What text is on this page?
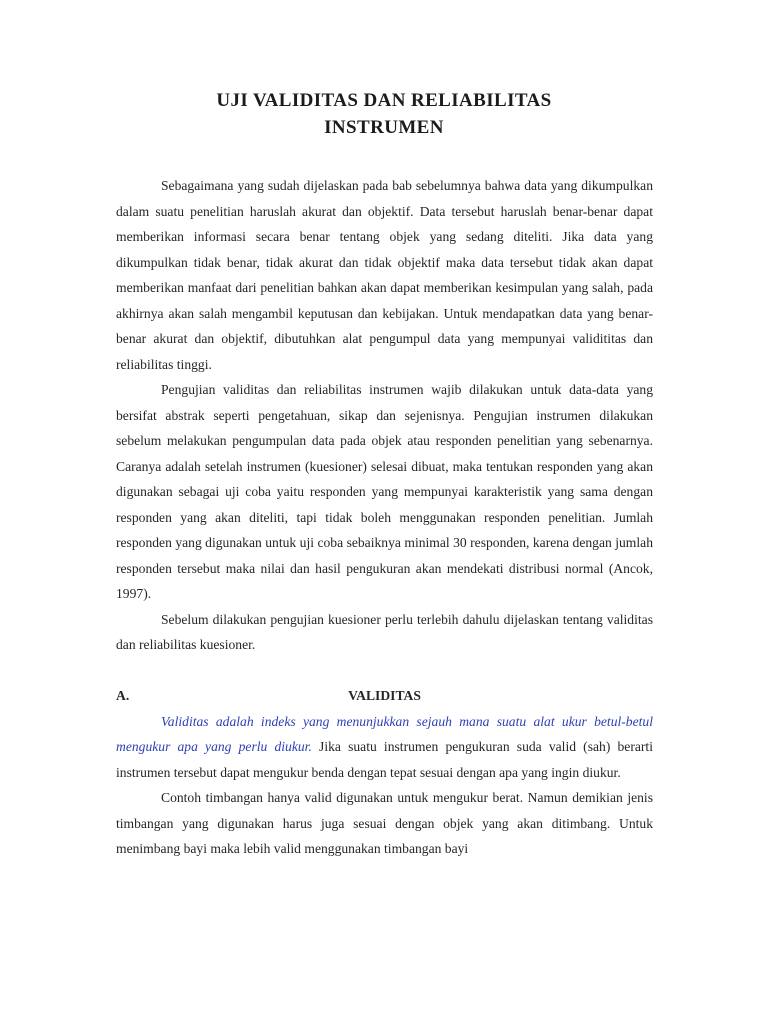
UJI VALIDITAS DAN RELIABILITAS
INSTRUMEN

Sebagaimana yang sudah dijelaskan pada bab sebelumnya bahwa data yang dikumpulkan dalam suatu penelitian haruslah akurat dan objektif. Data tersebut haruslah benar-benar dapat memberikan informasi secara benar tentang objek yang sedang diteliti. Jika data yang dikumpulkan tidak benar, tidak akurat dan tidak objektif maka data tersebut tidak akan dapat memberikan manfaat dari penelitian bahkan akan dapat memberikan kesimpulan yang salah, pada akhirnya akan salah mengambil keputusan dan kebijakan. Untuk mendapatkan data yang benar-benar akurat dan objektif, dibutuhkan alat pengumpul data yang mempunyai validititas dan reliabilitas tinggi.

Pengujian validitas dan reliabilitas instrumen wajib dilakukan untuk data-data yang bersifat abstrak seperti pengetahuan, sikap dan sejenisnya. Pengujian instrumen dilakukan sebelum melakukan pengumpulan data pada objek atau responden penelitian yang sebenarnya. Caranya adalah setelah instrumen (kuesioner) selesai dibuat, maka tentukan responden yang akan digunakan sebagai uji coba yaitu responden yang mempunyai karakteristik yang sama dengan responden yang akan diteliti, tapi tidak boleh menggunakan responden penelitian. Jumlah responden yang digunakan untuk uji coba sebaiknya minimal 30 responden, karena dengan jumlah responden tersebut maka nilai dan hasil pengukuran akan mendekati distribusi normal (Ancok, 1997).

Sebelum dilakukan pengujian kuesioner perlu terlebih dahulu dijelaskan tentang validitas dan reliabilitas kuesioner.

A.	VALIDITAS

Validitas adalah indeks yang menunjukkan sejauh mana suatu alat ukur betul-betul mengukur apa yang perlu diukur. Jika suatu instrumen pengukuran suda valid (sah) berarti instrumen tersebut dapat mengukur benda dengan tepat sesuai dengan apa yang ingin diukur.

Contoh timbangan hanya valid digunakan untuk mengukur berat. Namun demikian jenis timbangan yang digunakan harus juga sesuai dengan objek yang akan ditimbang. Untuk menimbang bayi maka lebih valid menggunakan timbangan bayi
